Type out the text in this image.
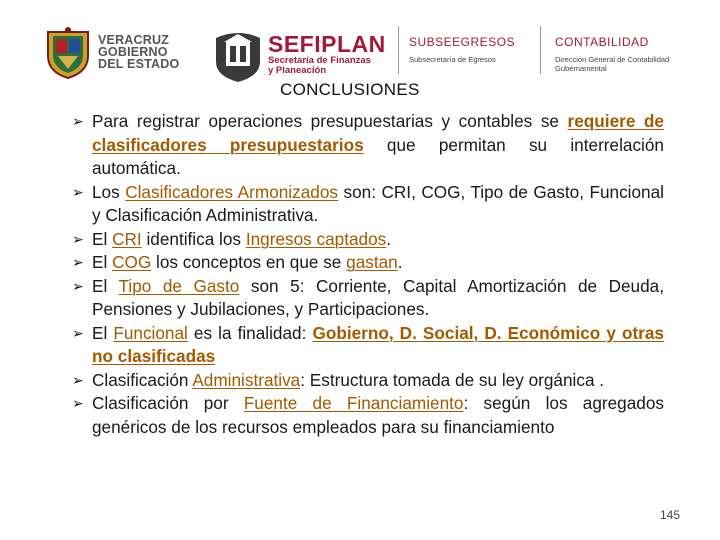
VERACRUZ
GOBIERNO
DEL ESTADO
SEFIPLAN
Secretaría de Finanzas
y Planeación
SUBSEEGRESOS
Subsecretaría de Egresos
CONTABILIDAD
Dirección General de Contabilidad
Gubernamental
CONCLUSIONES
➢ Para registrar operaciones presupuestarias y contables se requiere de clasificadores presupuestarios que permitan su interrelación automática.
➢ Los Clasificadores Armonizados son: CRI, COG, Tipo de Gasto, Funcional y Clasificación Administrativa.
➢ El CRI identifica los Ingresos captados.
➢ El COG los conceptos en que se gastan.
➢ El Tipo de Gasto son 5: Corriente, Capital Amortización de Deuda, Pensiones y Jubilaciones, y Participaciones.
➢ El Funcional es la finalidad: Gobierno, D. Social, D. Económico y otras no clasificadas
➢ Clasificación Administrativa: Estructura tomada de su ley orgánica .
➢ Clasificación por Fuente de Financiamiento: según los agregados genéricos de los recursos empleados para su financiamiento
145
